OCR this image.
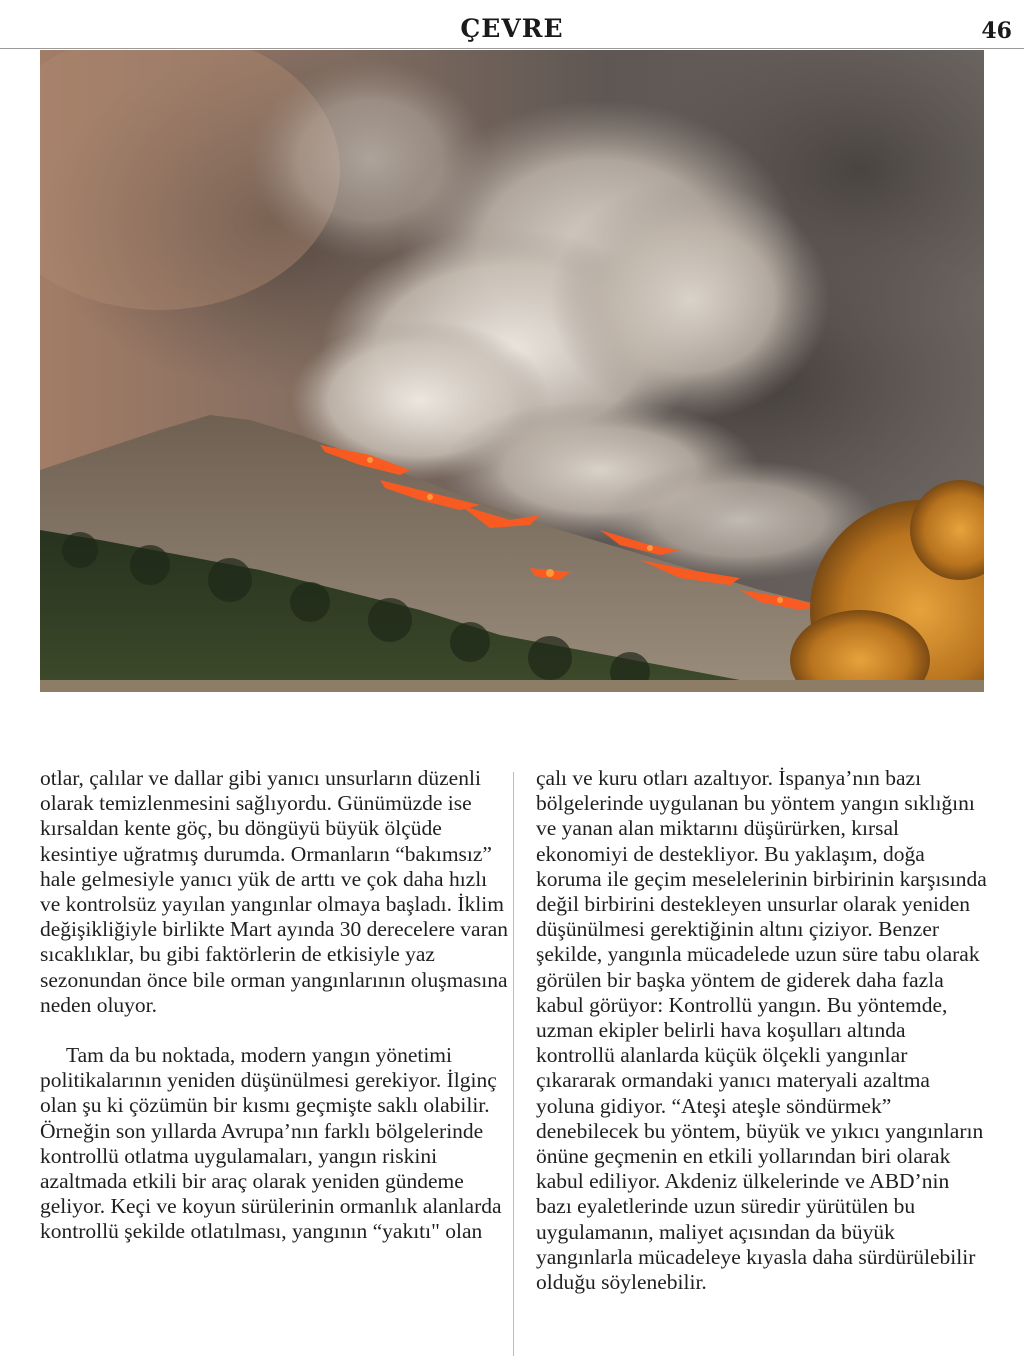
ÇEVRE	46

otlar, çalılar ve dallar gibi yanıcı unsurların düzenli olarak temizlenmesini sağlıyordu. Günümüzde ise kırsaldan kente göç, bu döngüyü büyük ölçüde kesintiye uğratmış durumda. Ormanların “bakımsız” hale gelmesiyle yanıcı yük de arttı ve çok daha hızlı ve kontrolsüz yayılan yangınlar olmaya başladı. İklim değişikliğiyle birlikte Mart ayında 30 derecelere varan sıcaklıklar, bu gibi faktörlerin de etkisiyle yaz sezonundan önce bile orman yangınlarının oluşmasına neden oluyor.

Tam da bu noktada, modern yangın yönetimi politikalarının yeniden düşünülmesi gerekiyor. İlginç olan şu ki çözümün bir kısmı geçmişte saklı olabilir. Örneğin son yıllarda Avrupa’nın farklı bölgelerinde kontrollü otlatma uygulamaları, yangın riskini azaltmada etkili bir araç olarak yeniden gündeme geliyor. Keçi ve koyun sürülerinin ormanlık alanlarda kontrollü şekilde otlatılması, yangının “yakıtı" olan

çalı ve kuru otları azaltıyor. İspanya’nın bazı bölgelerinde uygulanan bu yöntem yangın sıklığını ve yanan alan miktarını düşürürken, kırsal ekonomiyi de destekliyor. Bu yaklaşım, doğa koruma ile geçim meselelerinin birbirinin karşısında değil birbirini destekleyen unsurlar olarak yeniden düşünülmesi gerektiğinin altını çiziyor. Benzer şekilde, yangınla mücadelede uzun süre tabu olarak görülen bir başka yöntem de giderek daha fazla kabul görüyor: Kontrollü yangın. Bu yöntemde, uzman ekipler belirli hava koşulları altında kontrollü alanlarda küçük ölçekli yangınlar çıkararak ormandaki yanıcı materyali azaltma yoluna gidiyor. “Ateşi ateşle söndürmek” denebilecek bu yöntem, büyük ve yıkıcı yangınların önüne geçmenin en etkili yollarından biri olarak kabul ediliyor. Akdeniz ülkelerinde ve ABD’nin bazı eyaletlerinde uzun süredir yürütülen bu uygulamanın, maliyet açısından da büyük yangınlarla mücadeleye kıyasla daha sürdürülebilir olduğu söylenebilir.
